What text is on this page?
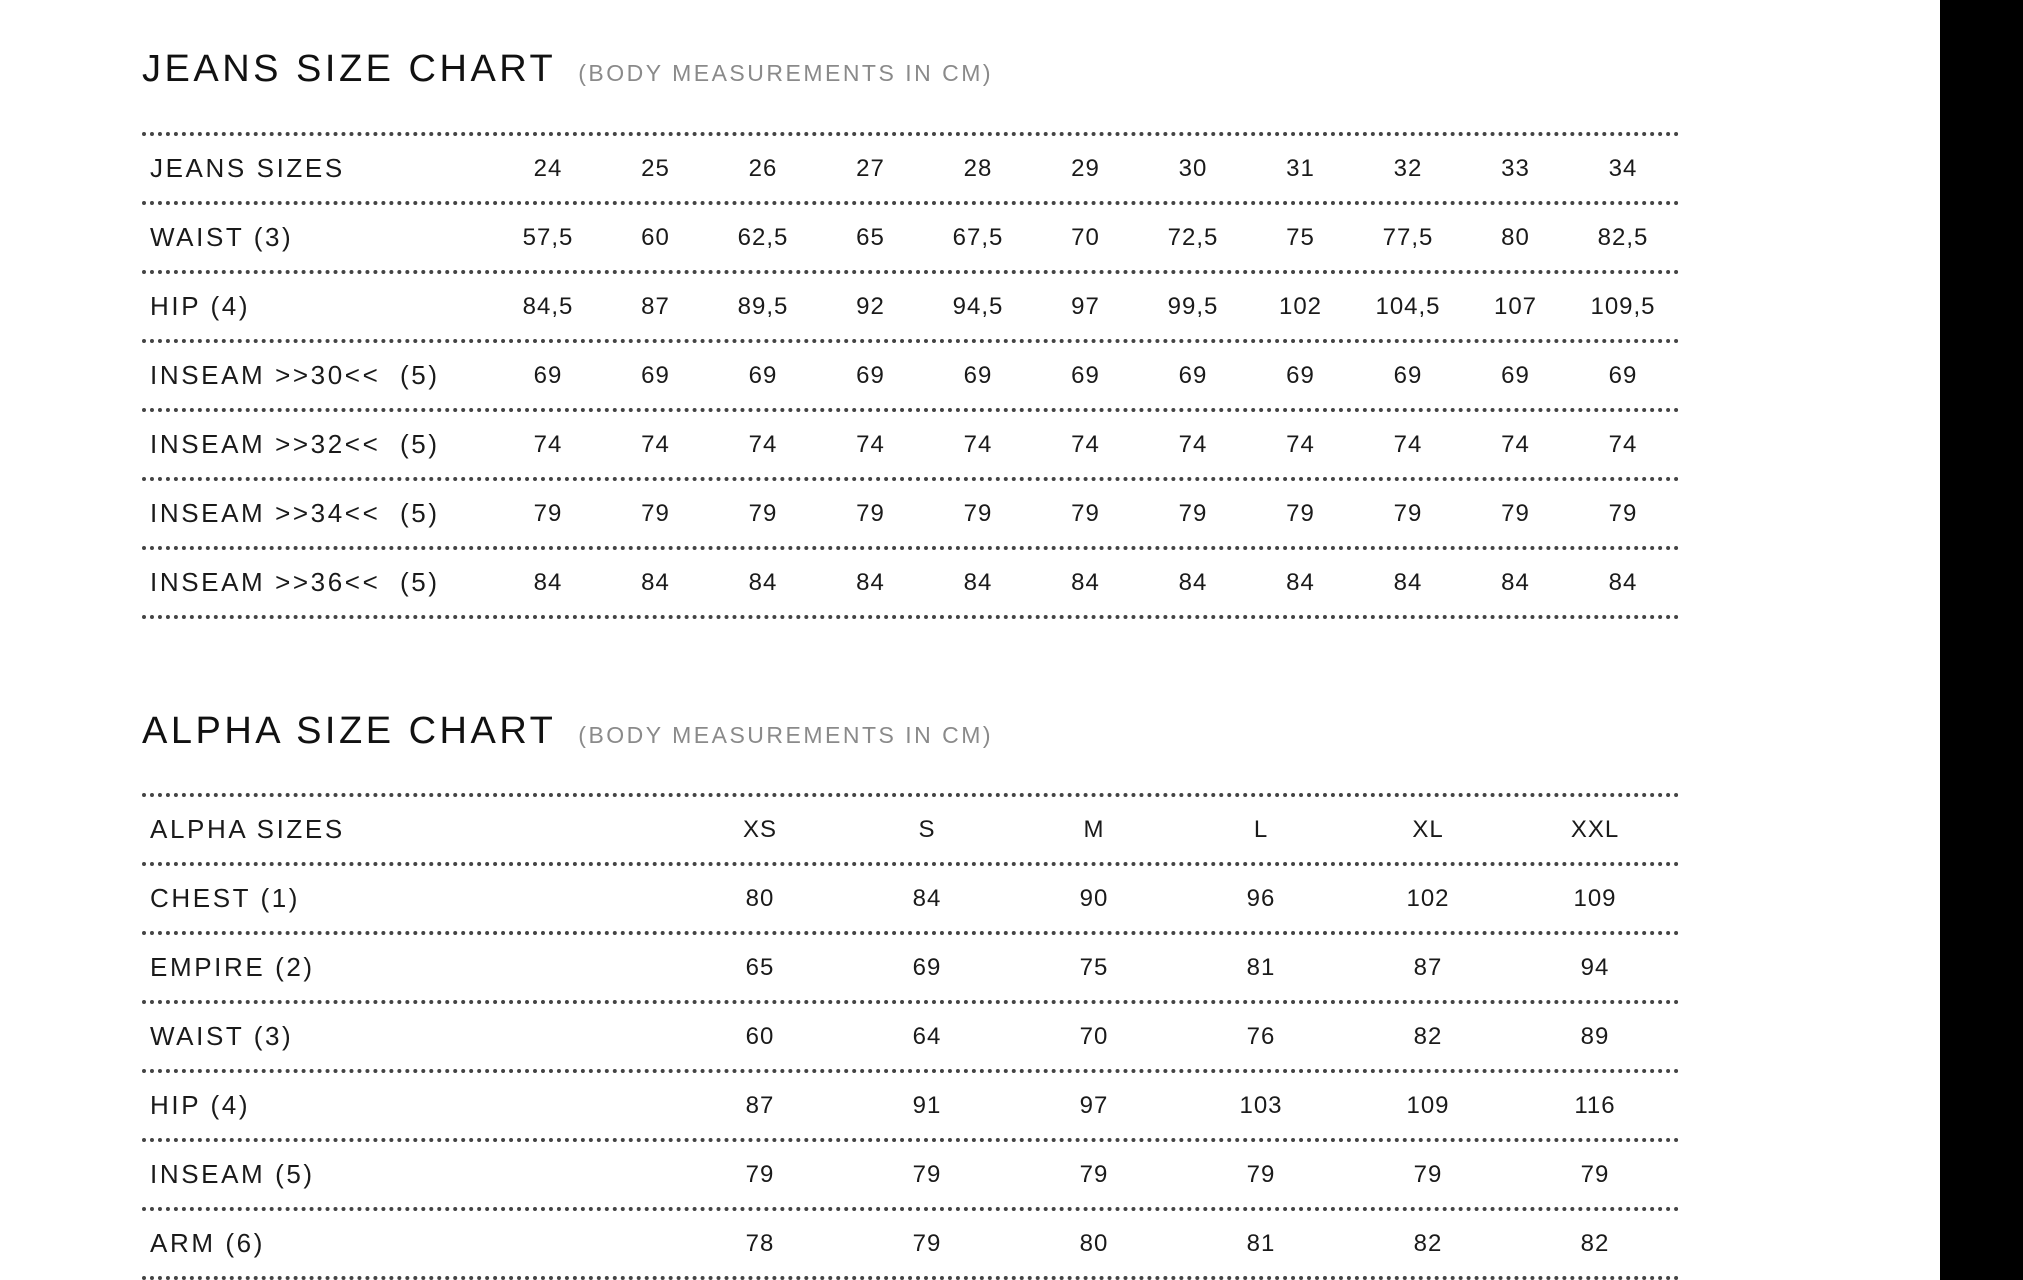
JEANS SIZE CHART (BODY MEASUREMENTS IN CM)
JEANS SIZES	24	25	26	27	28	29	30	31	32	33	34
WAIST (3)	57,5	60	62,5	65	67,5	70	72,5	75	77,5	80	82,5
HIP (4)	84,5	87	89,5	92	94,5	97	99,5	102	104,5	107	109,5
INSEAM >>30<<  (5)	69	69	69	69	69	69	69	69	69	69	69
INSEAM >>32<<  (5)	74	74	74	74	74	74	74	74	74	74	74
INSEAM >>34<<  (5)	79	79	79	79	79	79	79	79	79	79	79
INSEAM >>36<<  (5)	84	84	84	84	84	84	84	84	84	84	84
ALPHA SIZE CHART (BODY MEASUREMENTS IN CM)
ALPHA SIZES	XS	S	M	L	XL	XXL
CHEST (1)	80	84	90	96	102	109
EMPIRE (2)	65	69	75	81	87	94
WAIST (3)	60	64	70	76	82	89
HIP (4)	87	91	97	103	109	116
INSEAM (5)	79	79	79	79	79	79
ARM (6)	78	79	80	81	82	82
